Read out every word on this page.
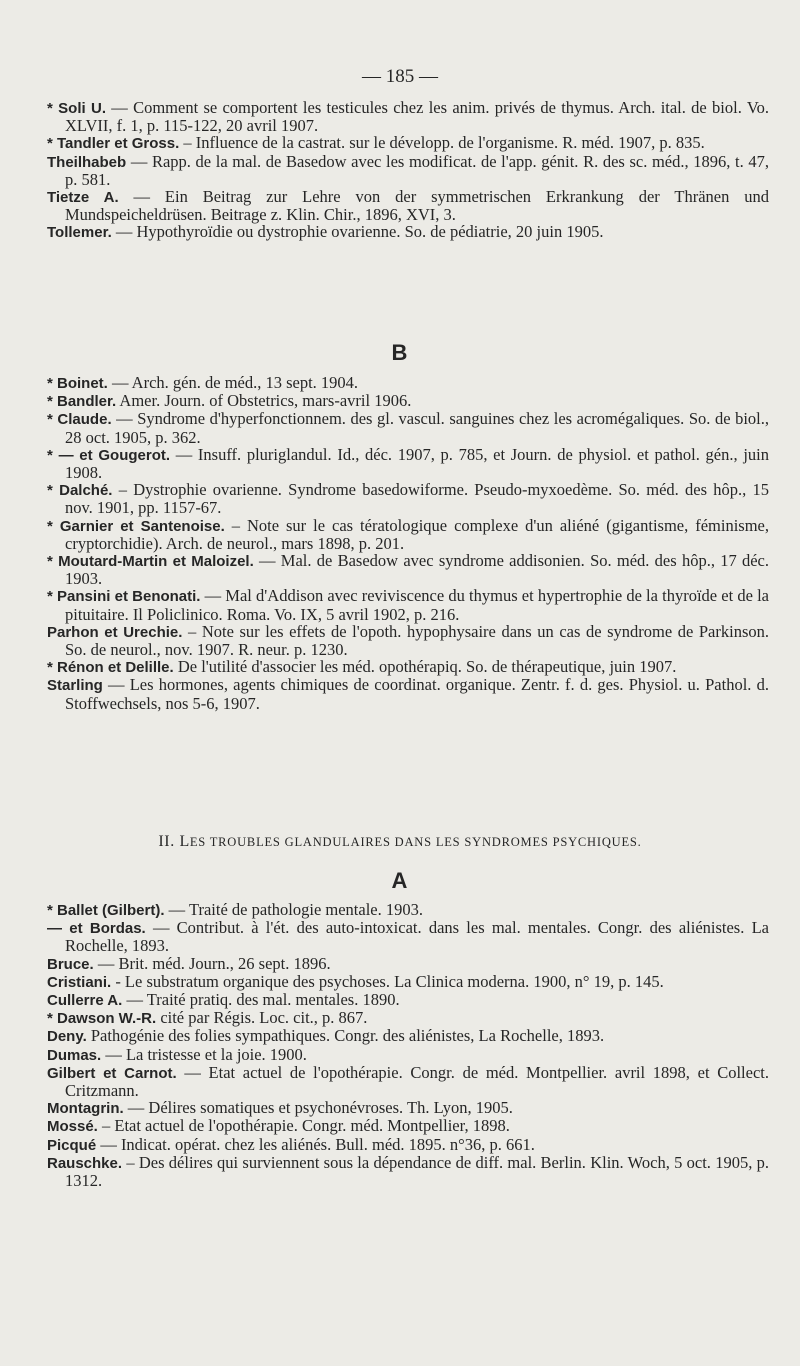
— 185 —

* Soli U. — Comment se comportent les testicules chez les anim. privés de thymus. Arch. ital. de biol. Vo. XLVII, f. 1, p. 115-122, 20 avril 1907.

* Tandler et Gross. – Influence de la castrat. sur le développ. de l'organisme. R. méd. 1907, p. 835.

Theilhabeb — Rapp. de la mal. de Basedow avec les modificat. de l'app. génit. R. des sc. méd., 1896, t. 47, p. 581.

Tietze A. — Ein Beitrag zur Lehre von der symmetrischen Erkrankung der Thränen und Mundspeicheldrüsen. Beitrage z. Klin. Chir., 1896, XVI, 3.

Tollemer. — Hypothyroïdie ou dystrophie ovarienne. So. de pédiatrie, 20 juin 1905.

B

* Boinet. — Arch. gén. de méd., 13 sept. 1904.

* Bandler. Amer. Journ. of Obstetrics, mars-avril 1906.

* Claude. — Syndrome d'hyperfonctionnem. des gl. vascul. sanguines chez les acromégaliques. So. de biol., 28 oct. 1905, p. 362.

* — et Gougerot. — Insuff. pluriglandul. Id., déc. 1907, p. 785, et Journ. de physiol. et pathol. gén., juin 1908.

* Dalché. – Dystrophie ovarienne. Syndrome basedowiforme. Pseudo-myxoedème. So. méd. des hôp., 15 nov. 1901, pp. 1157-67.

* Garnier et Santenoise. – Note sur le cas tératologique complexe d'un aliéné (gigantisme, féminisme, cryptorchidie). Arch. de neurol., mars 1898, p. 201.

* Moutard-Martin et Maloizel. — Mal. de Basedow avec syndrome addisonien. So. méd. des hôp., 17 déc. 1903.

* Pansini et Benonati. — Mal d'Addison avec reviviscence du thymus et hypertrophie de la thyroïde et de la pituitaire. Il Policlinico. Roma. Vo. IX, 5 avril 1902, p. 216.

Parhon et Urechie. – Note sur les effets de l'opoth. hypophysaire dans un cas de syndrome de Parkinson. So. de neurol., nov. 1907. R. neur. p. 1230.

* Rénon et Delille. De l'utilité d'associer les méd. opothérapiq. So. de thérapeutique, juin 1907.

Starling — Les hormones, agents chimiques de coordinat. organique. Zentr. f. d. ges. Physiol. u. Pathol. d. Stoffwechsels, nos 5-6, 1907.

II. LES TROUBLES GLANDULAIRES DANS LES SYNDROMES PSYCHIQUES.
A

* Ballet (Gilbert). — Traité de pathologie mentale. 1903.

— et Bordas. — Contribut. à l'ét. des auto-intoxicat. dans les mal. mentales. Congr. des aliénistes. La Rochelle, 1893.

Bruce. — Brit. méd. Journ., 26 sept. 1896.

Cristiani. - Le substratum organique des psychoses. La Clinica moderna. 1900, n° 19, p. 145.

Cullerre A. — Traité pratiq. des mal. mentales. 1890.

* Dawson W.-R. cité par Régis. Loc. cit., p. 867.

Deny. Pathogénie des folies sympathiques. Congr. des aliénistes, La Rochelle, 1893.

Dumas. — La tristesse et la joie. 1900.

Gilbert et Carnot. — Etat actuel de l'opothérapie. Congr. de méd. Montpellier. avril 1898, et Collect. Critzmann.

Montagrin. — Délires somatiques et psychonévroses. Th. Lyon, 1905.

Mossé. – Etat actuel de l'opothérapie. Congr. méd. Montpellier, 1898.

Picqué — Indicat. opérat. chez les aliénés. Bull. méd. 1895. n°36, p. 661.

Rauschke. – Des délires qui surviennent sous la dépendance de diff. mal. Berlin. Klin. Woch, 5 oct. 1905, p. 1312.
